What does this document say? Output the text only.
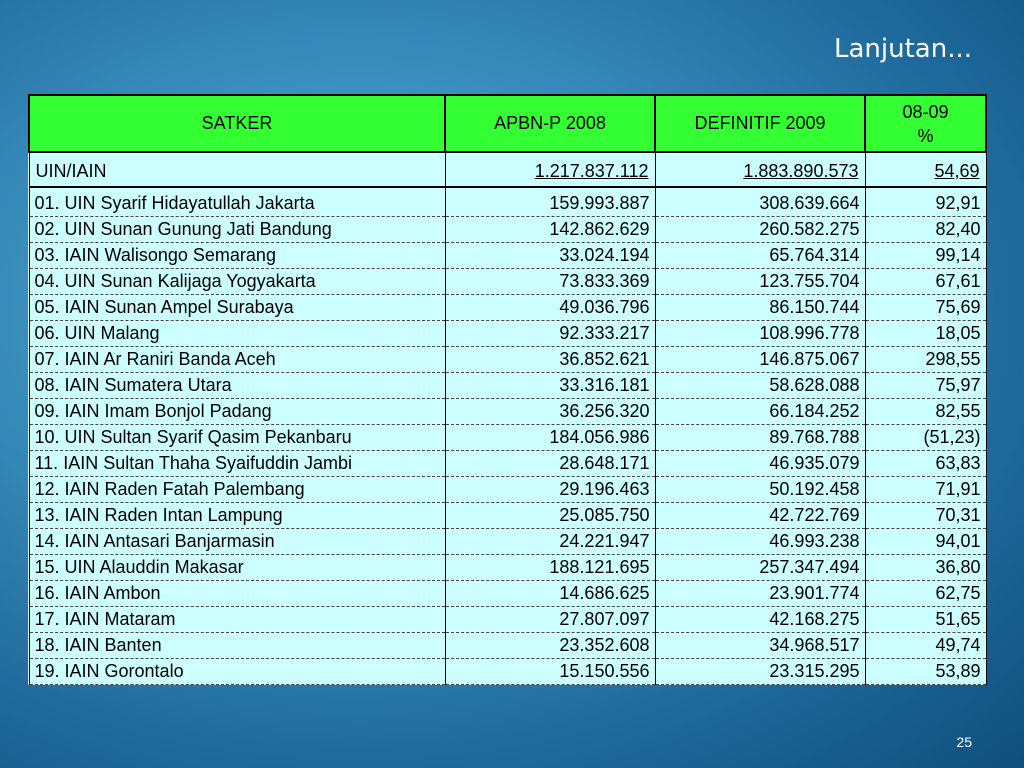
Lanjutan...
SATKER	APBN-P 2008	DEFINITIF 2009	08-09
%

UIN/IAIN	1.217.837.112	1.883.890.573	54,69

01. UIN Syarif Hidayatullah Jakarta	159.993.887	308.639.664	92,91
02. UIN Sunan Gunung Jati Bandung	142.862.629	260.582.275	82,40
03. IAIN Walisongo Semarang	33.024.194	65.764.314	99,14
04. UIN Sunan Kalijaga Yogyakarta	73.833.369	123.755.704	67,61
05. IAIN Sunan Ampel Surabaya	49.036.796	86.150.744	75,69
06. UIN Malang	92.333.217	108.996.778	18,05
07. IAIN Ar Raniri Banda Aceh	36.852.621	146.875.067	298,55
08. IAIN Sumatera Utara	33.316.181	58.628.088	75,97
09. IAIN Imam Bonjol Padang	36.256.320	66.184.252	82,55
10. UIN Sultan Syarif Qasim Pekanbaru	184.056.986	89.768.788	(51,23)
11. IAIN Sultan Thaha Syaifuddin Jambi	28.648.171	46.935.079	63,83
12. IAIN Raden Fatah Palembang	29.196.463	50.192.458	71,91
13. IAIN Raden Intan Lampung	25.085.750	42.722.769	70,31
14. IAIN Antasari Banjarmasin	24.221.947	46.993.238	94,01
15. UIN Alauddin Makasar	188.121.695	257.347.494	36,80
16. IAIN Ambon	14.686.625	23.901.774	62,75
17. IAIN Mataram	27.807.097	42.168.275	51,65
18. IAIN Banten	23.352.608	34.968.517	49,74
19. IAIN Gorontalo	15.150.556	23.315.295	53,89
25
